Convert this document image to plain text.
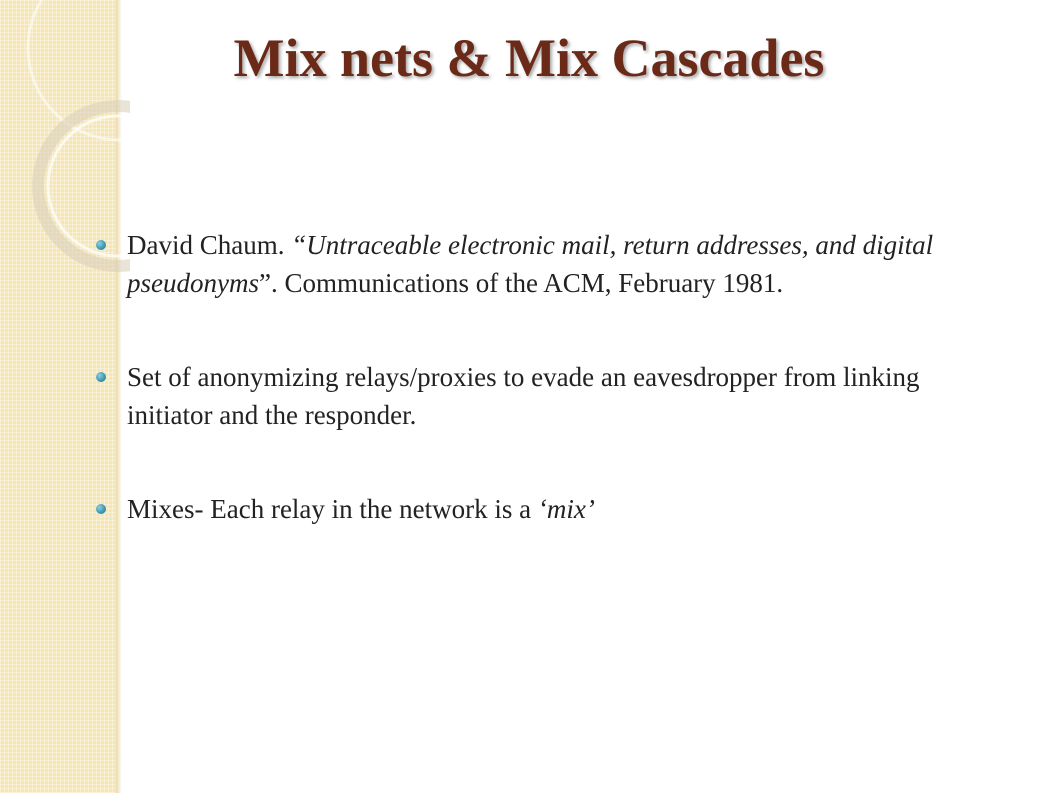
Mix nets & Mix Cascades
David Chaum. “Untraceable electronic mail, return addresses, and digital pseudonyms”. Communications of the ACM, February 1981.
Set of anonymizing relays/proxies to evade an eavesdropper from linking initiator and the responder.
Mixes- Each relay in the network is a ‘mix’
